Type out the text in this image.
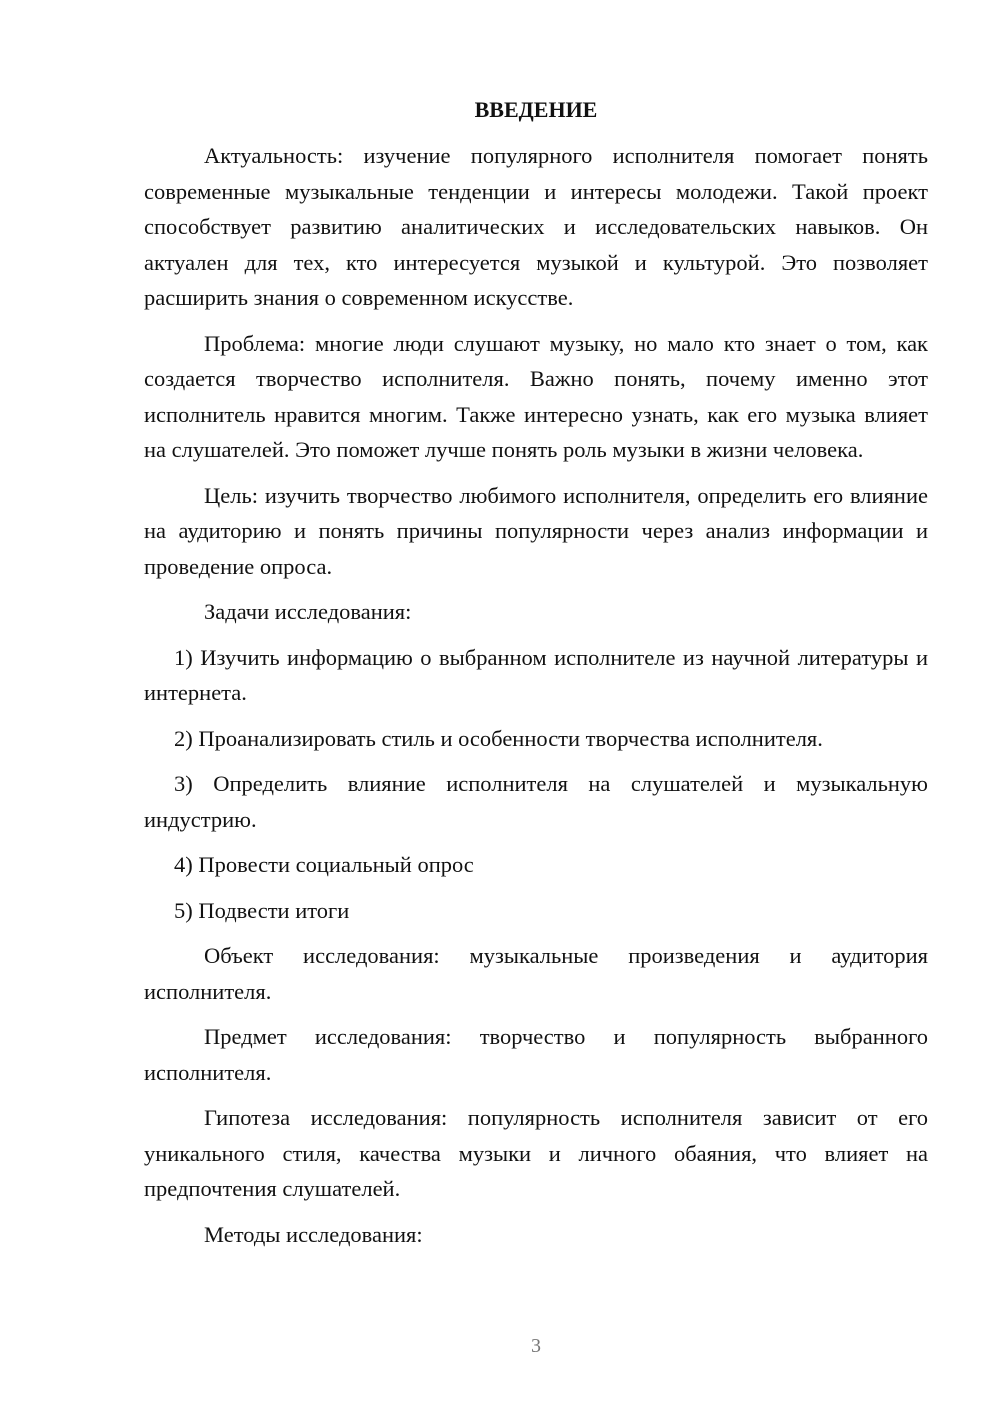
ВВЕДЕНИЕ

Актуальность: изучение популярного исполнителя помогает понять современные музыкальные тенденции и интересы молодежи. Такой проект способствует развитию аналитических и исследовательских навыков. Он актуален для тех, кто интересуется музыкой и культурой. Это позволяет расширить знания о современном искусстве.

Проблема: многие люди слушают музыку, но мало кто знает о том, как создается творчество исполнителя. Важно понять, почему именно этот исполнитель нравится многим. Также интересно узнать, как его музыка влияет на слушателей. Это поможет лучше понять роль музыки в жизни человека.

Цель: изучить творчество любимого исполнителя, определить его влияние на аудиторию и понять причины популярности через анализ информации и проведение опроса.

Задачи исследования:

1) Изучить информацию о выбранном исполнителе из научной литературы и интернета.

2) Проанализировать стиль и особенности творчества исполнителя.

3) Определить влияние исполнителя на слушателей и музыкальную индустрию.

4) Провести социальный опрос

5) Подвести итоги

Объект исследования: музыкальные произведения и аудитория исполнителя.

Предмет исследования: творчество и популярность выбранного исполнителя.

Гипотеза исследования: популярность исполнителя зависит от его уникального стиля, качества музыки и личного обаяния, что влияет на предпочтения слушателей.

Методы исследования:

3
